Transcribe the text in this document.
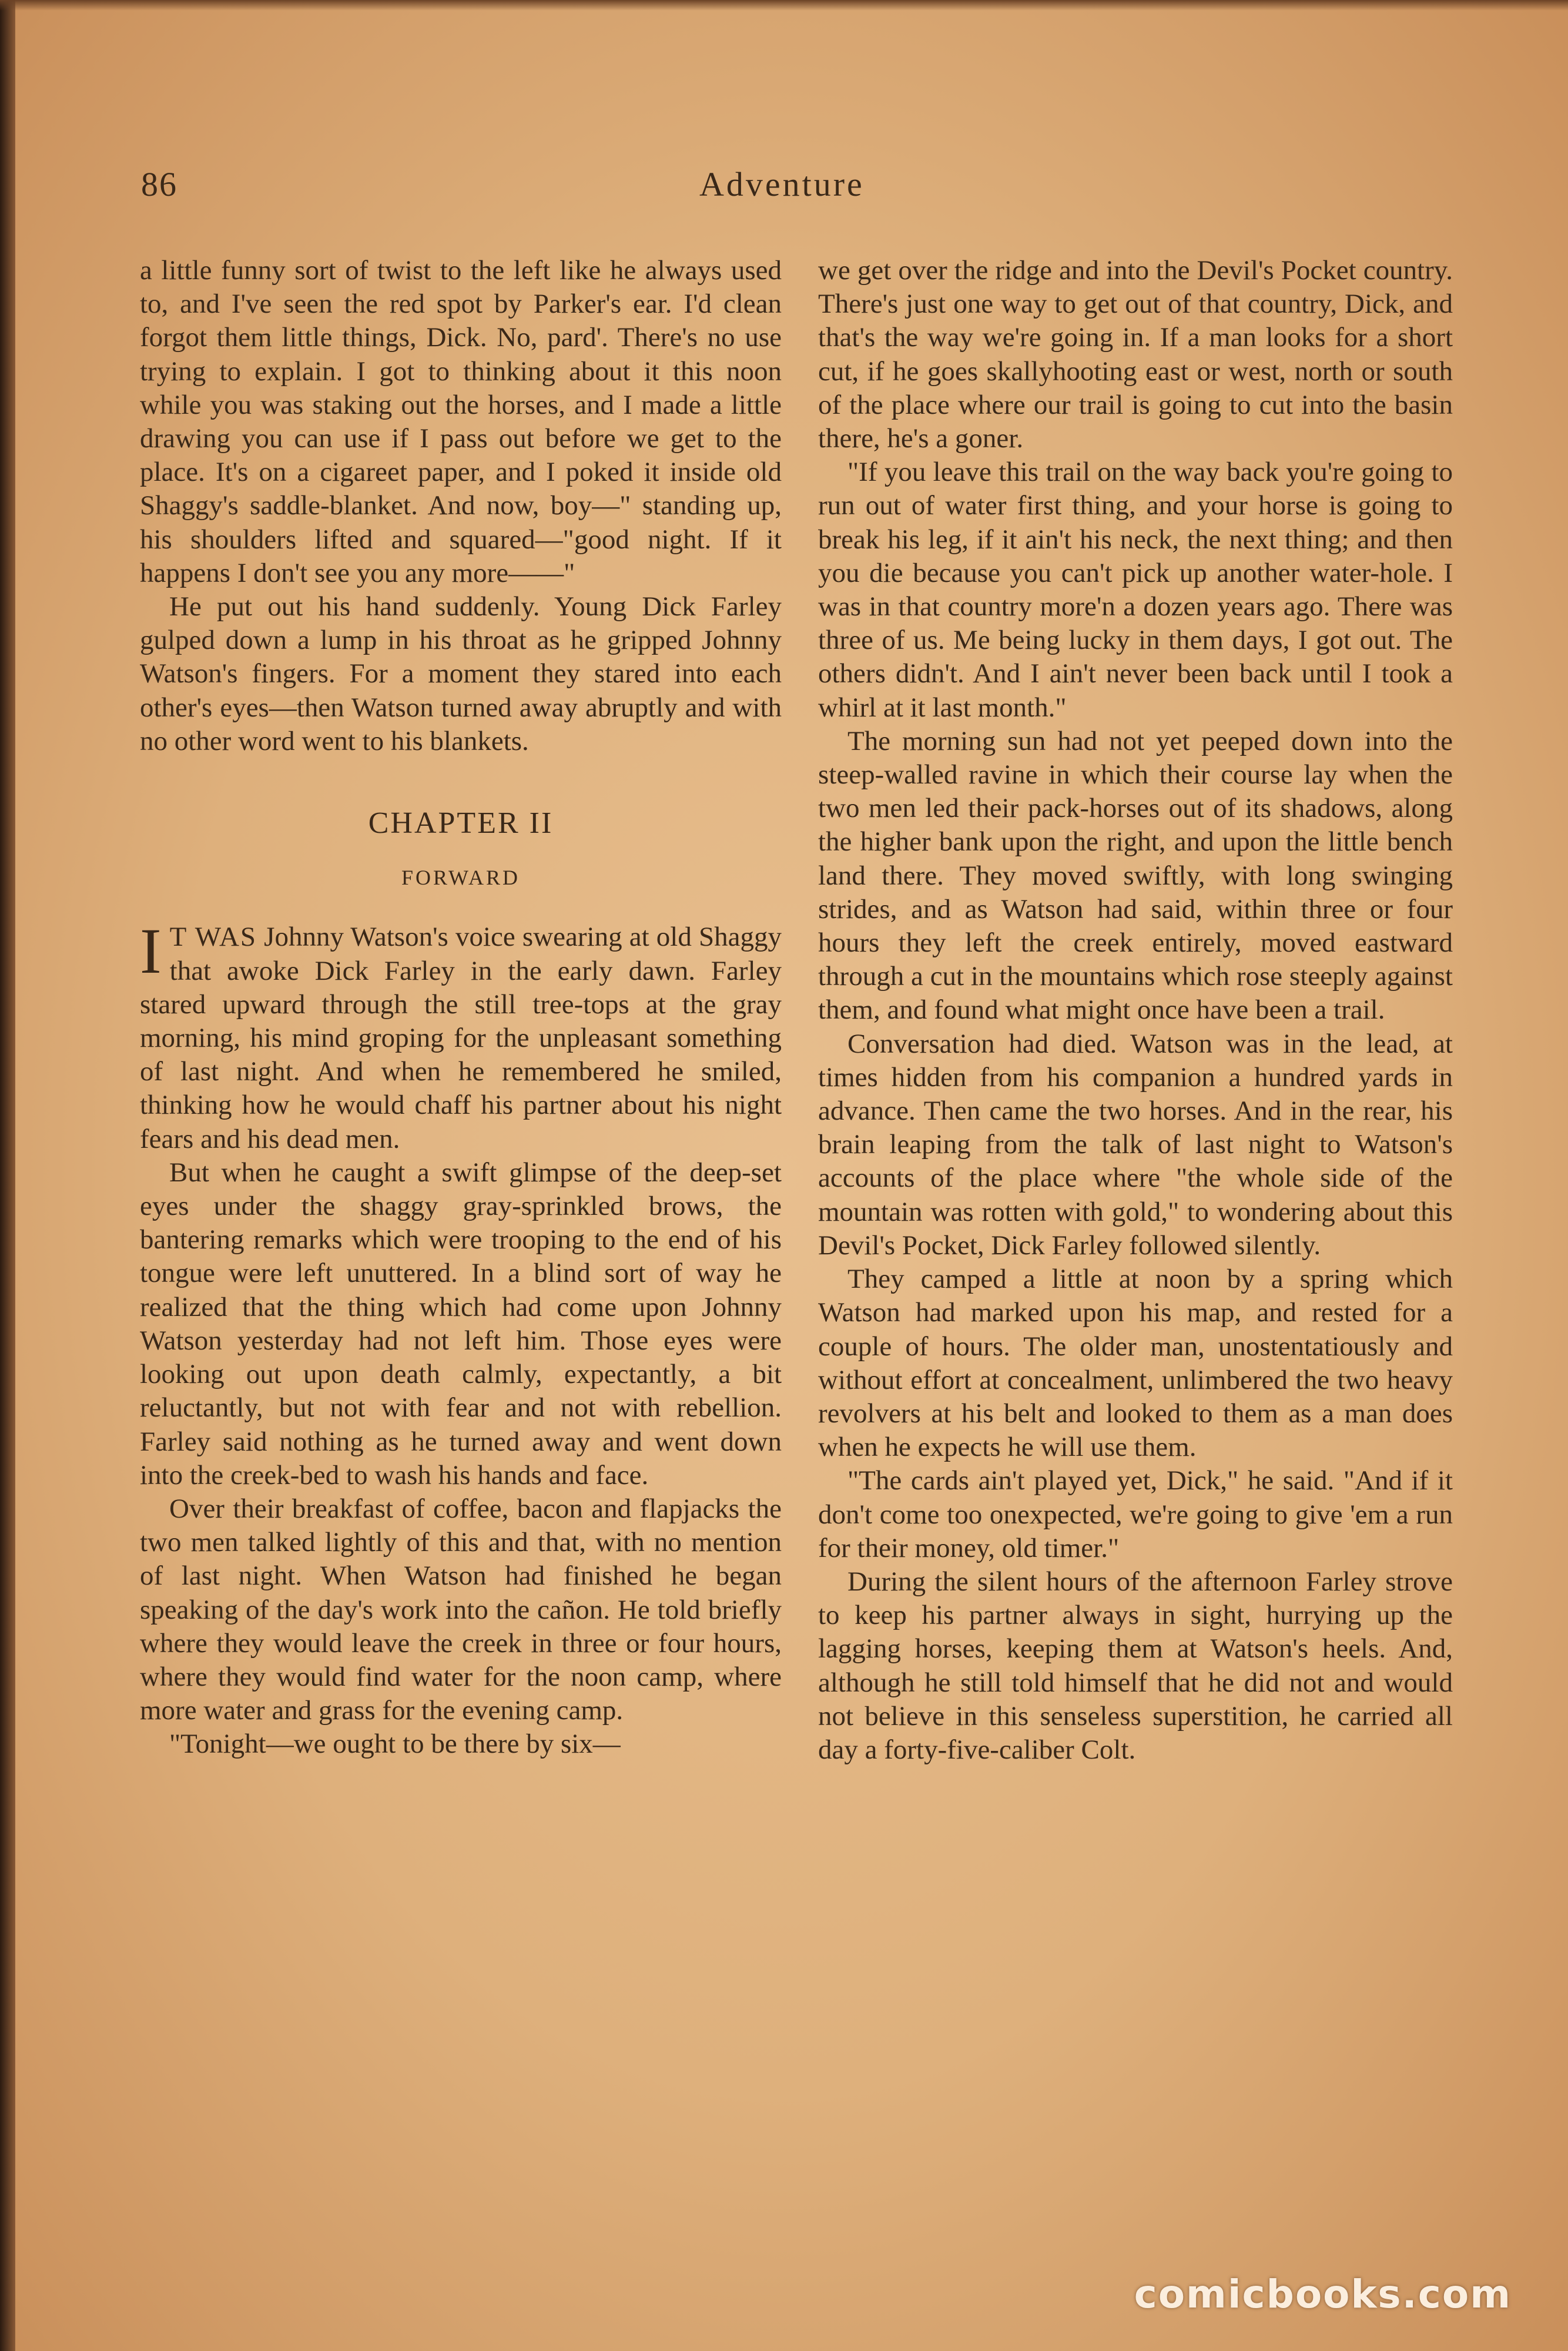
86	Adventure

a little funny sort of twist to the left like he always used to, and I've seen the red spot by Parker's ear. I'd clean forgot them little things, Dick. No, pard'. There's no use trying to explain. I got to thinking about it this noon while you was staking out the horses, and I made a little drawing you can use if I pass out before we get to the place. It's on a cigareet paper, and I poked it inside old Shaggy's saddle-blanket. And now, boy—" standing up, his shoulders lifted and squared—"good night. If it happens I don't see you any more——"

He put out his hand suddenly. Young Dick Farley gulped down a lump in his throat as he gripped Johnny Watson's fingers. For a moment they stared into each other's eyes—then Watson turned away abruptly and with no other word went to his blankets.

CHAPTER II
FORWARD

I T WAS Johnny Watson's voice swearing at old Shaggy that awoke Dick Farley in the early dawn. Farley stared upward through the still tree-tops at the gray morning, his mind groping for the unpleasant something of last night. And when he remembered he smiled, thinking how he would chaff his partner about his night fears and his dead men.

But when he caught a swift glimpse of the deep-set eyes under the shaggy gray-sprinkled brows, the bantering remarks which were trooping to the end of his tongue were left unuttered. In a blind sort of way he realized that the thing which had come upon Johnny Watson yesterday had not left him. Those eyes were looking out upon death calmly, expectantly, a bit reluctantly, but not with fear and not with rebellion. Farley said nothing as he turned away and went down into the creek-bed to wash his hands and face.

Over their breakfast of coffee, bacon and flapjacks the two men talked lightly of this and that, with no mention of last night. When Watson had finished he began speaking of the day's work into the cañon. He told briefly where they would leave the creek in three or four hours, where they would find water for the noon camp, where more water and grass for the evening camp.

"Tonight—we ought to be there by six—

we get over the ridge and into the Devil's Pocket country. There's just one way to get out of that country, Dick, and that's the way we're going in. If a man looks for a short cut, if he goes skallyhooting east or west, north or south of the place where our trail is going to cut into the basin there, he's a goner.

"If you leave this trail on the way back you're going to run out of water first thing, and your horse is going to break his leg, if it ain't his neck, the next thing; and then you die because you can't pick up another water-hole. I was in that country more'n a dozen years ago. There was three of us. Me being lucky in them days, I got out. The others didn't. And I ain't never been back until I took a whirl at it last month."

The morning sun had not yet peeped down into the steep-walled ravine in which their course lay when the two men led their pack-horses out of its shadows, along the higher bank upon the right, and upon the little bench land there. They moved swiftly, with long swinging strides, and as Watson had said, within three or four hours they left the creek entirely, moved eastward through a cut in the mountains which rose steeply against them, and found what might once have been a trail.

Conversation had died. Watson was in the lead, at times hidden from his companion a hundred yards in advance. Then came the two horses. And in the rear, his brain leaping from the talk of last night to Watson's accounts of the place where "the whole side of the mountain was rotten with gold," to wondering about this Devil's Pocket, Dick Farley followed silently.

They camped a little at noon by a spring which Watson had marked upon his map, and rested for a couple of hours. The older man, unostentatiously and without effort at concealment, unlimbered the two heavy revolvers at his belt and looked to them as a man does when he expects he will use them.

"The cards ain't played yet, Dick," he said. "And if it don't come too onexpected, we're going to give 'em a run for their money, old timer."

During the silent hours of the afternoon Farley strove to keep his partner always in sight, hurrying up the lagging horses, keeping them at Watson's heels. And, although he still told himself that he did not and would not believe in this senseless superstition, he carried all day a forty-five-caliber Colt.

comicbooks.com
